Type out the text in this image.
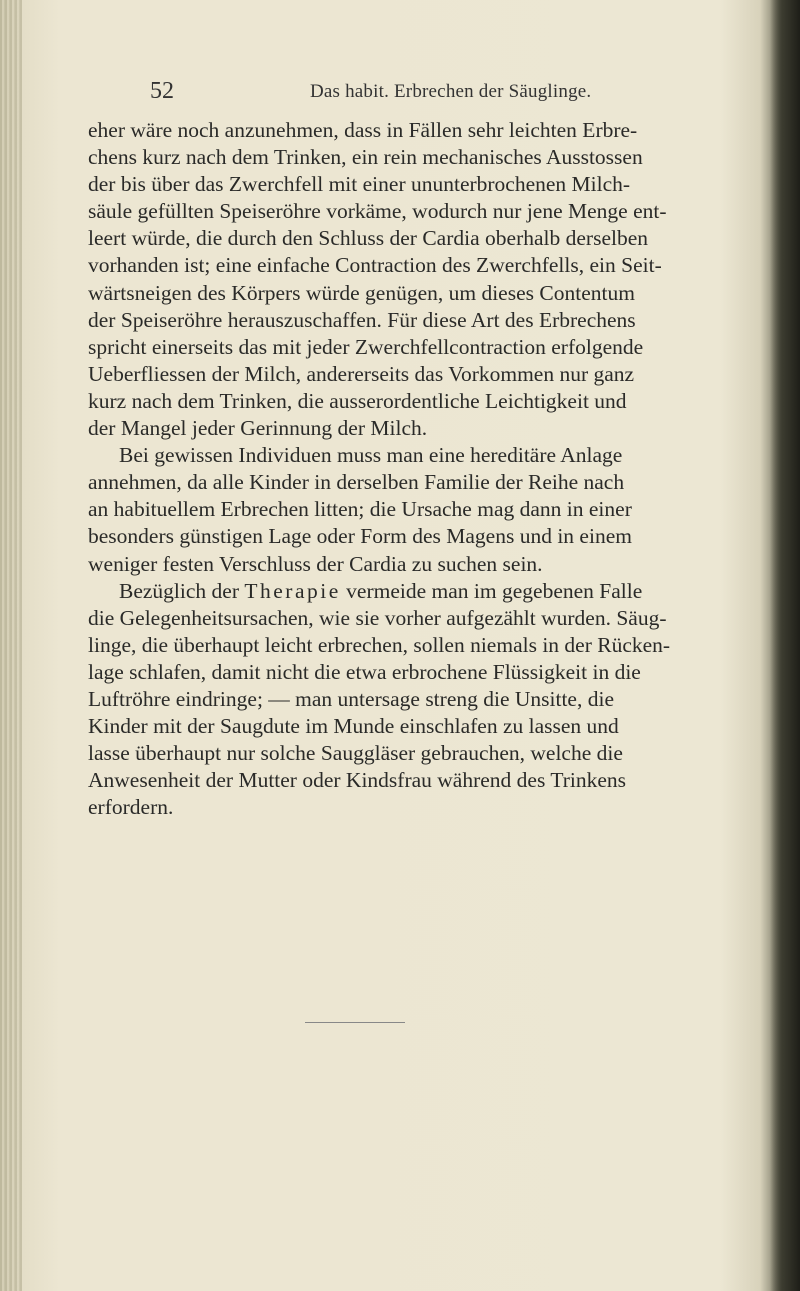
52	Das habit. Erbrechen der Säuglinge.
eher wäre noch anzunehmen, dass in Fällen sehr leichten Erbre-
chens kurz nach dem Trinken, ein rein mechanisches Ausstossen
der bis über das Zwerchfell mit einer ununterbrochenen Milch-
säule gefüllten Speiseröhre vorkäme, wodurch nur jene Menge ent-
leert würde, die durch den Schluss der Cardia oberhalb derselben
vorhanden ist; eine einfache Contraction des Zwerchfells, ein Seit-
wärtsneigen des Körpers würde genügen, um dieses Contentum
der Speiseröhre herauszuschaffen. Für diese Art des Erbrechens
spricht einerseits das mit jeder Zwerchfellcontraction erfolgende
Ueberfliessen der Milch, andererseits das Vorkommen nur ganz
kurz nach dem Trinken, die ausserordentliche Leichtigkeit und
der Mangel jeder Gerinnung der Milch.
Bei gewissen Individuen muss man eine hereditäre Anlage
annehmen, da alle Kinder in derselben Familie der Reihe nach
an habituellem Erbrechen litten; die Ursache mag dann in einer
besonders günstigen Lage oder Form des Magens und in einem
weniger festen Verschluss der Cardia zu suchen sein.
Bezüglich der Therapie vermeide man im gegebenen Falle
die Gelegenheitsursachen, wie sie vorher aufgezählt wurden. Säug-
linge, die überhaupt leicht erbrechen, sollen niemals in der Rücken-
lage schlafen, damit nicht die etwa erbrochene Flüssigkeit in die
Luftröhre eindringe; — man untersage streng die Unsitte, die
Kinder mit der Saugdute im Munde einschlafen zu lassen und
lasse überhaupt nur solche Sauggläser gebrauchen, welche die
Anwesenheit der Mutter oder Kindsfrau während des Trinkens
erfordern.
